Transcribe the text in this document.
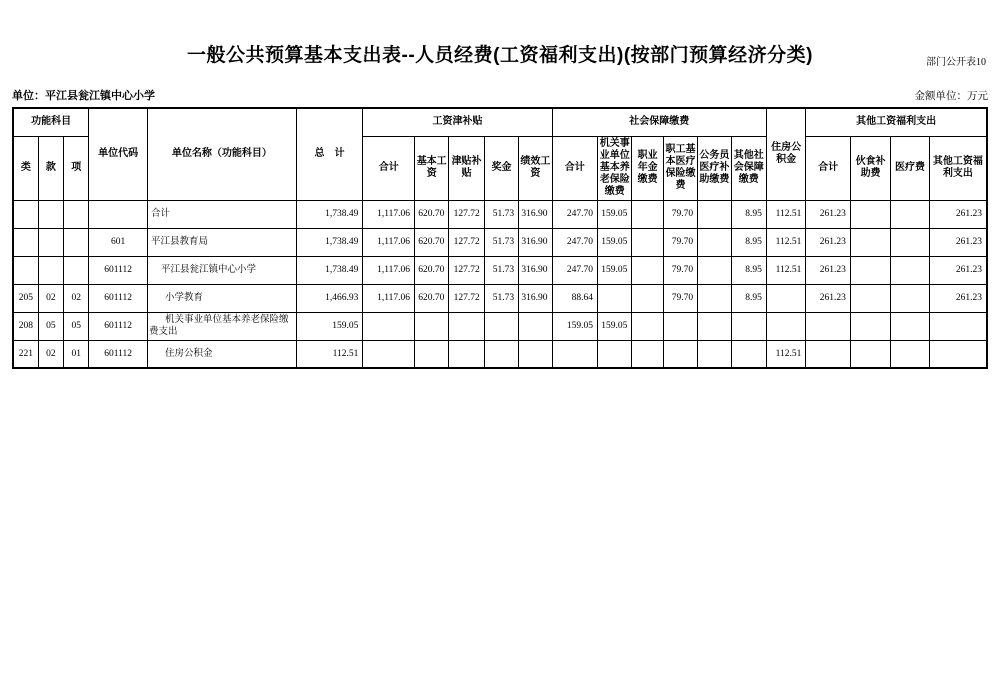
部门公开表10
一般公共预算基本支出表--人员经费(工资福利支出)(按部门预算经济分类)
单位：平江县瓮江镇中心小学	金额单位：万元
功能科目			单位代码	单位名称（功能科目）	总　计	工资津补贴					社会保障缴费						住房公积金	其他工资福利支出			
类	款	项				合计	基本工资	津贴补贴	奖金	绩效工资	合计	机关事业单位基本养老保险缴费	职业年金缴费	职工基本医疗保险缴费	公务员医疗补助缴费	其他社会保障缴费		合计	伙食补助费	医疗费	其他工资福利支出
				合计	1,738.49	1,117.06	620.70	127.72	51.73	316.90	247.70	159.05		79.70		8.95	112.51	261.23			261.23
			601	平江县教育局	1,738.49	1,117.06	620.70	127.72	51.73	316.90	247.70	159.05		79.70		8.95	112.51	261.23			261.23
			601112	平江县瓮江镇中心小学	1,738.49	1,117.06	620.70	127.72	51.73	316.90	247.70	159.05		79.70		8.95	112.51	261.23			261.23
205	02	02	601112	小学教育	1,466.93	1,117.06	620.70	127.72	51.73	316.90	88.64			79.70		8.95		261.23			261.23
208	05	05	601112	机关事业单位基本养老保险缴费支出	159.05						159.05	159.05									
221	02	01	601112	住房公积金	112.51												112.51				
